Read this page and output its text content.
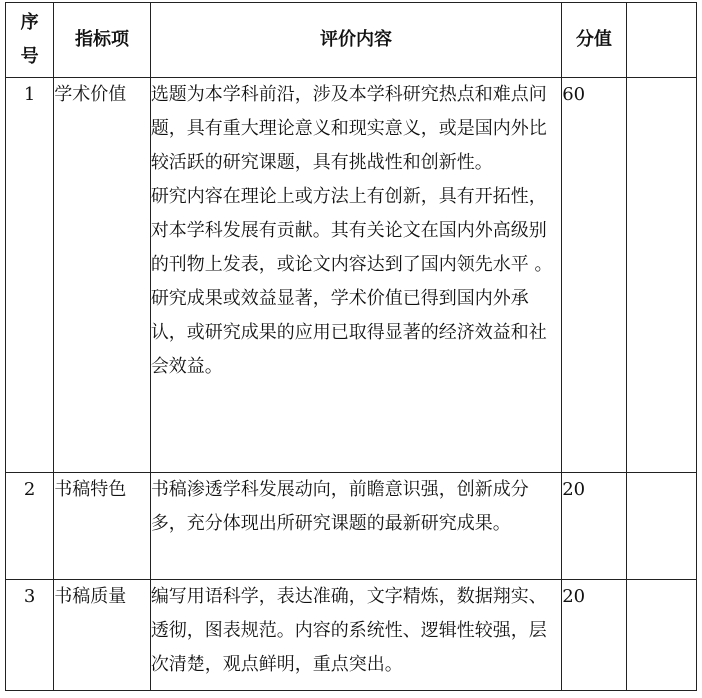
序号	指标项	评价内容	分值	
1	学术价值	选题为本学科前沿，涉及本学科研究热点和难点问题，具有重大理论意义和现实意义，或是国内外比较活跃的研究课题，具有挑战性和创新性。

研究内容在理论上或方法上有创新，具有开拓性，对本学科发展有贡献。其有关论文在国内外高级别的刊物上发表，或论文内容达到了国内领先水平 。

研究成果或效益显著，学术价值已得到国内外承认，或研究成果的应用已取得显著的经济效益和社会效益。	60	
2	书稿特色	书稿渗透学科发展动向，前瞻意识强，创新成分多，充分体现出所研究课题的最新研究成果。	20	
3	书稿质量	编写用语科学，表达准确，文字精炼，数据翔实、透彻，图表规范。内容的系统性、逻辑性较强，层次清楚，观点鲜明，重点突出。	20	
